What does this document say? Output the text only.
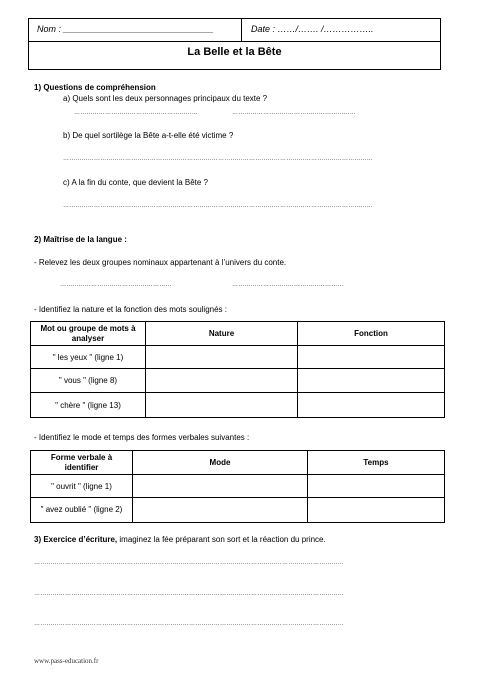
Nom : ______________________________	Date : ……/……. /……………..
La Belle et la Bête
1) Questions de compréhension
a) Quels sont les deux personnages principaux du texte ?
……………………………………………………	……………………………………………………
b) De quel sortilège la Bête a-t-elle été victime ?
……………………………………………………………………………………………………………………………………
c) A la fin du conte, que devient la Bête ?
……………………………………………………………………………………………………………………………………
2) Maîtrise de la langue :
- Relevez les deux groupes nominaux appartenant à l’univers du conte.
………………………………………………	………………………………………………
- Identifiez la nature et la fonction des mots soulignés :
Mot ou groupe de mots à analyser	Nature	Fonction
" les yeux " (ligne 1)		
" vous " (ligne 8)		
" chère " (ligne 13)		
- Identifiez le mode et temps des formes verbales suivantes :
Forme verbale à identifier	Mode	Temps
" ouvrit " (ligne 1)		
" avez oublié " (ligne 2)		
3) Exercice d’écriture, imaginez la fée préparant son sort et la réaction du prince.
……………………………………………………………………………………………………………………………………
……………………………………………………………………………………………………………………………………
……………………………………………………………………………………………………………………………………
www.pass-education.fr
